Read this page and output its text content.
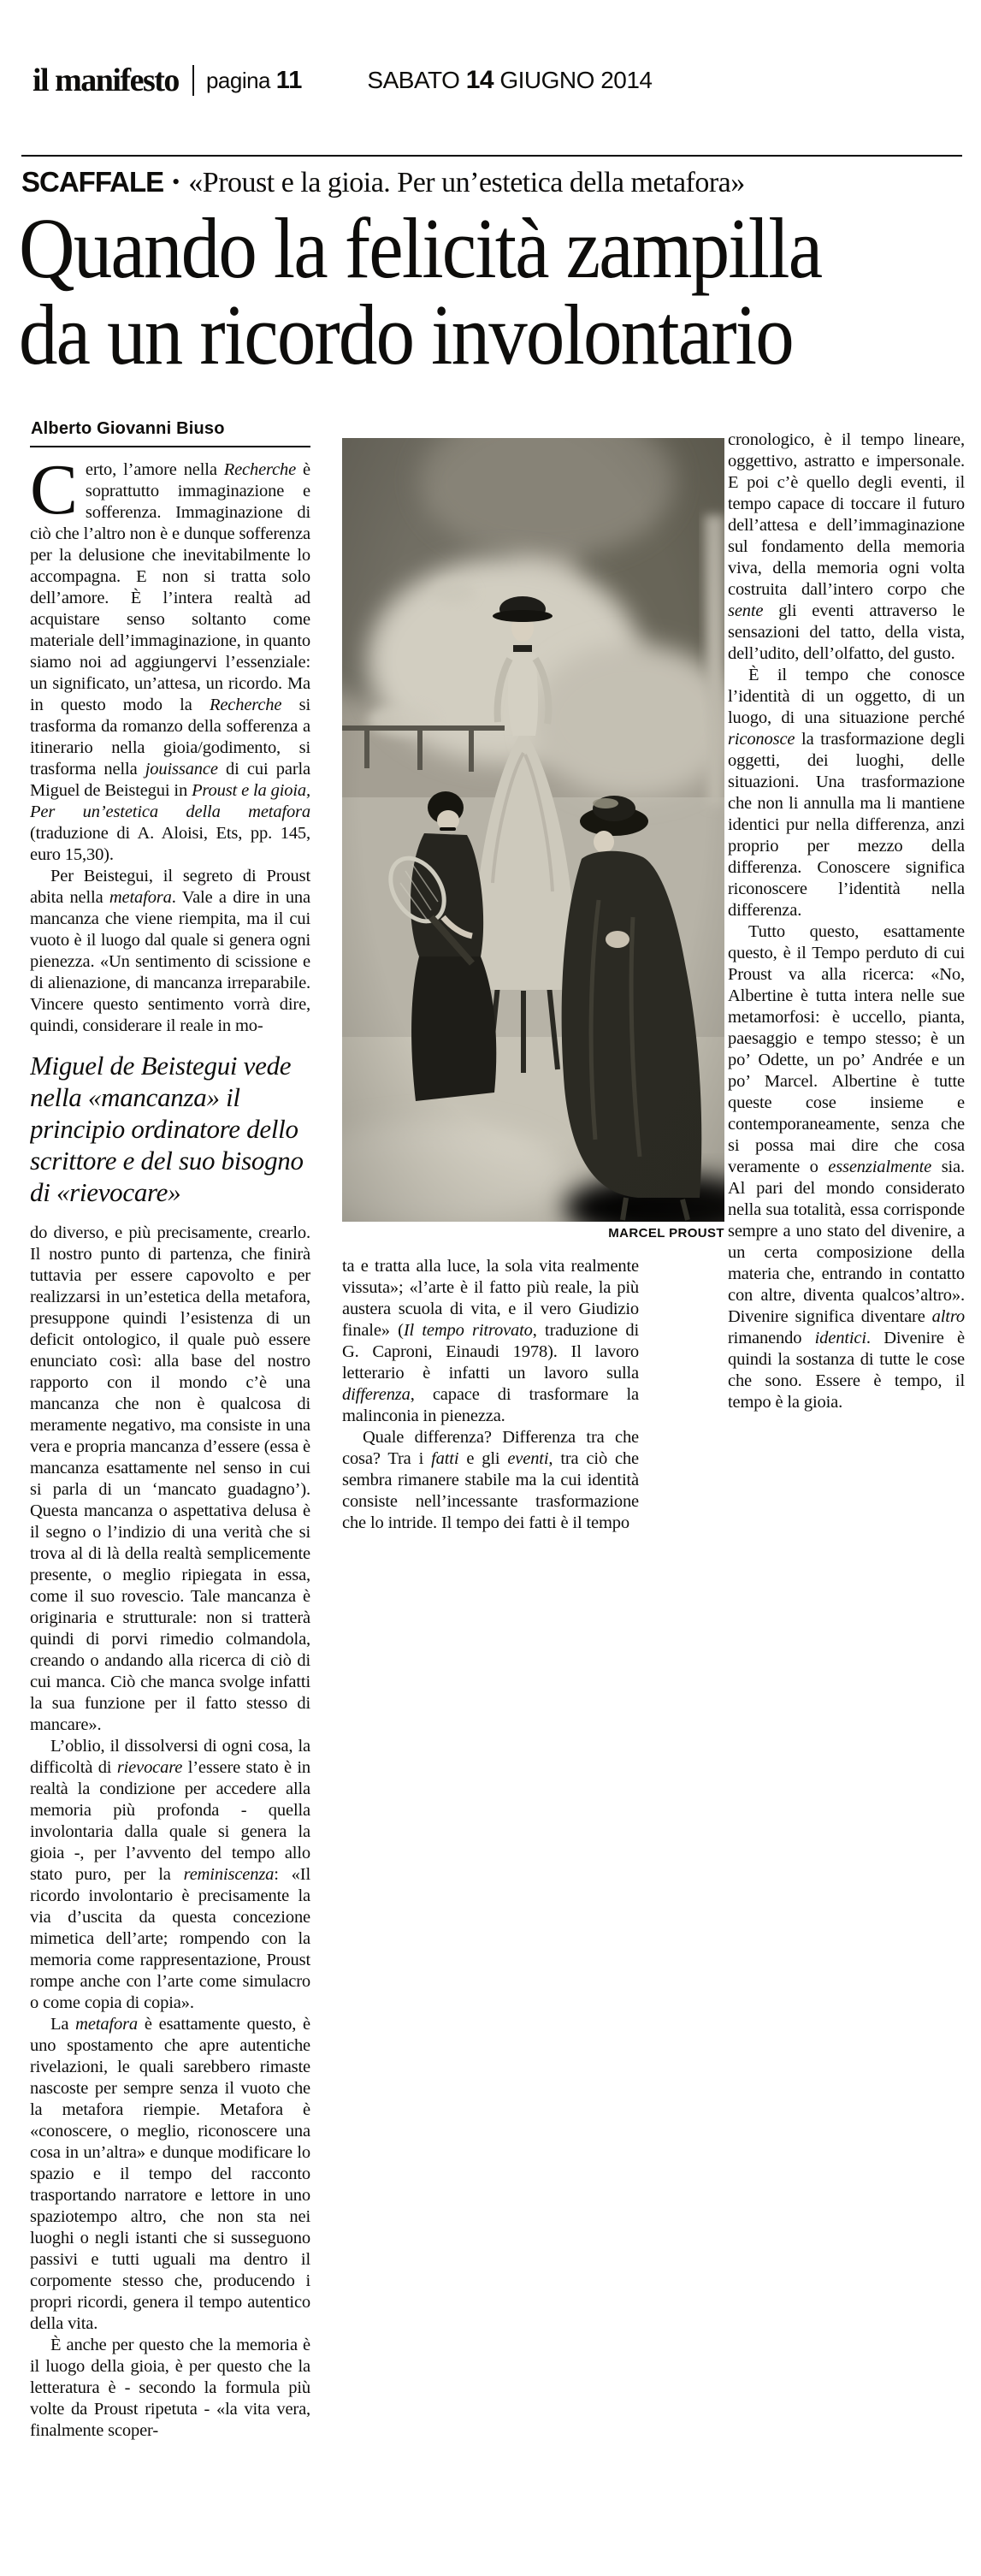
il manifesto pagina 11	SABATO 14 GIUGNO 2014
SCAFFALE • «Proust e la gioia. Per un’estetica della metafora»
Quando la felicità zampilla
da un ricordo involontario
Alberto Giovanni Biuso

Certo, l’amore nella Recherche è soprattutto immaginazione e sofferenza. Immaginazione di ciò che l’altro non è e dunque sofferenza per la delusione che inevitabilmente lo accompagna. E non si tratta solo dell’amore. È l’intera realtà ad acquistare senso soltanto come materiale dell’immaginazione, in quanto siamo noi ad aggiungervi l’essenziale: un significato, un’attesa, un ricordo. Ma in questo modo la Recherche si trasforma da romanzo della sofferenza a itinerario nella gioia/godimento, si trasforma nella jouissance di cui parla Miguel de Beistegui in Proust e la gioia, Per un’estetica della metafora (traduzione di A. Aloisi, Ets, pp. 145, euro 15,30).

Per Beistegui, il segreto di Proust abita nella metafora. Vale a dire in una mancanza che viene riempita, ma il cui vuoto è il luogo dal quale si genera ogni pienezza. «Un sentimento di scissione e di alienazione, di mancanza irreparabile. Vincere questo sentimento vorrà dire, quindi, considerare il reale in mo-

Miguel de Beistegui vede nella «mancanza» il principio ordinatore dello scrittore e del suo bisogno di «rievocare»

do diverso, e più precisamente, crearlo. Il nostro punto di partenza, che finirà tuttavia per essere capovolto e per realizzarsi in un’estetica della metafora, presuppone quindi l’esistenza di un deficit ontologico, il quale può essere enunciato così: alla base del nostro rapporto con il mondo c’è una mancanza che non è qualcosa di meramente negativo, ma consiste in una vera e propria mancanza d’essere (essa è mancanza esattamente nel senso in cui si parla di un ‘mancato guadagno’). Questa mancanza o aspettativa delusa è il segno o l’indizio di una verità che si trova al di là della realtà semplicemente presente, o meglio ripiegata in essa, come il suo rovescio. Tale mancanza è originaria e strutturale: non si tratterà quindi di porvi rimedio colmandola, creando o andando alla ricerca di ciò di cui manca. Ciò che manca svolge infatti la sua funzione per il fatto stesso di mancare».

L’oblio, il dissolversi di ogni cosa, la difficoltà di rievocare l’essere stato è in realtà la condizione per accedere alla memoria più profonda - quella involontaria dalla quale si genera la gioia -, per l’avvento del tempo allo stato puro, per la reminiscenza: «Il ricordo involontario è precisamente la via d’uscita da questa concezione mimetica dell’arte; rompendo con la memoria come rappresentazione, Proust rompe anche con l’arte come simulacro o come copia di copia».

La metafora è esattamente questo, è uno spostamento che apre autentiche rivelazioni, le quali sarebbero rimaste nascoste per sempre senza il vuoto che la metafora riempie. Metafora è «conoscere, o meglio, riconoscere una cosa in un’altra» e dunque modificare lo spazio e il tempo del racconto trasportando narratore e lettore in uno spaziotempo altro, che non sta nei luoghi o negli istanti che si susseguono passivi e tutti uguali ma dentro il corpomente stesso che, producendo i propri ricordi, genera il tempo autentico della vita.

È anche per questo che la memoria è il luogo della gioia, è per questo che la letteratura è - secondo la formula più volte da Proust ripetuta - «la vita vera, finalmente scoper-

MARCEL PROUST

ta e tratta alla luce, la sola vita realmente vissuta»; «l’arte è il fatto più reale, la più austera scuola di vita, e il vero Giudizio finale» (Il tempo ritrovato, traduzione di G. Caproni, Einaudi 1978). Il lavoro letterario è infatti un lavoro sulla differenza, capace di trasformare la malinconia in pienezza.

Quale differenza? Differenza tra che cosa? Tra i fatti e gli eventi, tra ciò che sembra rimanere stabile ma la cui identità consiste nell’incessante trasformazione che lo intride. Il tempo dei fatti è il tempo

cronologico, è il tempo lineare, oggettivo, astratto e impersonale. E poi c’è quello degli eventi, il tempo capace di toccare il futuro dell’attesa e dell’immaginazione sul fondamento della memoria viva, della memoria ogni volta costruita dall’intero corpo che sente gli eventi attraverso le sensazioni del tatto, della vista, dell’udito, dell’olfatto, del gusto.

È il tempo che conosce l’identità di un oggetto, di un luogo, di una situazione perché riconosce la trasformazione degli oggetti, dei luoghi, delle situazioni. Una trasformazione che non li annulla ma li mantiene identici pur nella differenza, anzi proprio per mezzo della differenza. Conoscere significa riconoscere l’identità nella differenza.

Tutto questo, esattamente questo, è il Tempo perduto di cui Proust va alla ricerca: «No, Albertine è tutta intera nelle sue metamorfosi: è uccello, pianta, paesaggio e tempo stesso; è un po’ Odette, un po’ Andrée e un po’ Marcel. Albertine è tutte queste cose insieme e contemporaneamente, senza che si possa mai dire che cosa veramente o essenzialmente sia. Al pari del mondo considerato nella sua totalità, essa corrisponde sempre a uno stato del divenire, a un certa composizione della materia che, entrando in contatto con altre, diventa qualcos’altro». Divenire significa diventare altro rimanendo identici. Divenire è quindi la sostanza di tutte le cose che sono. Essere è tempo, il tempo è la gioia.
